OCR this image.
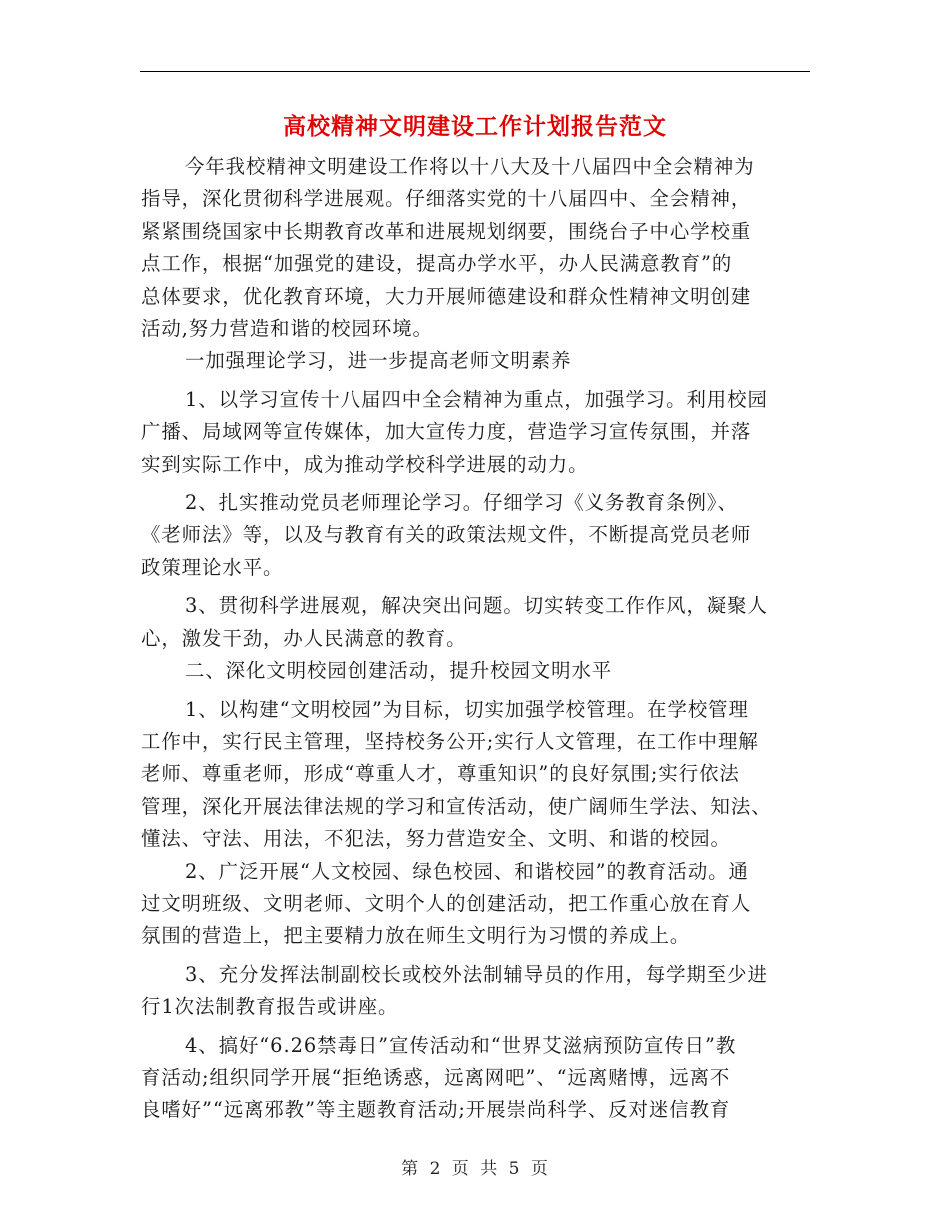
高校精神文明建设工作计划报告范文

今年我校精神文明建设工作将以十八大及十八届四中全会精神为

指导，深化贯彻科学进展观。仔细落实党的十八届四中、全会精神，

紧紧围绕国家中长期教育改革和进展规划纲要，围绕台子中心学校重

点工作，根据“加强党的建设，提高办学水平，办人民满意教育”的

总体要求，优化教育环境，大力开展师德建设和群众性精神文明创建

活动,努力营造和谐的校园环境。

一加强理论学习，进一步提高老师文明素养

1、以学习宣传十八届四中全会精神为重点，加强学习。利用校园

广播、局域网等宣传媒体，加大宣传力度，营造学习宣传氛围，并落

实到实际工作中，成为推动学校科学进展的动力。

2、扎实推动党员老师理论学习。仔细学习《义务教育条例》、

《老师法》等，以及与教育有关的政策法规文件，不断提高党员老师

政策理论水平。

3、贯彻科学进展观，解决突出问题。切实转变工作作风，凝聚人

心，激发干劲，办人民满意的教育。

二、深化文明校园创建活动，提升校园文明水平

1、以构建“文明校园”为目标，切实加强学校管理。在学校管理

工作中，实行民主管理，坚持校务公开;实行人文管理，在工作中理解

老师、尊重老师，形成“尊重人才，尊重知识”的良好氛围;实行依法

管理，深化开展法律法规的学习和宣传活动，使广阔师生学法、知法、

懂法、守法、用法，不犯法，努力营造安全、文明、和谐的校园。

2、广泛开展“人文校园、绿色校园、和谐校园”的教育活动。通

过文明班级、文明老师、文明个人的创建活动，把工作重心放在育人

氛围的营造上，把主要精力放在师生文明行为习惯的养成上。

3、充分发挥法制副校长或校外法制辅导员的作用，每学期至少进

行1次法制教育报告或讲座。

4、搞好“6.26禁毒日”宣传活动和“世界艾滋病预防宣传日”教

育活动;组织同学开展“拒绝诱惑，远离网吧”、“远离赌博，远离不

良嗜好”“远离邪教”等主题教育活动;开展崇尚科学、反对迷信教育

第 2 页 共 5 页
